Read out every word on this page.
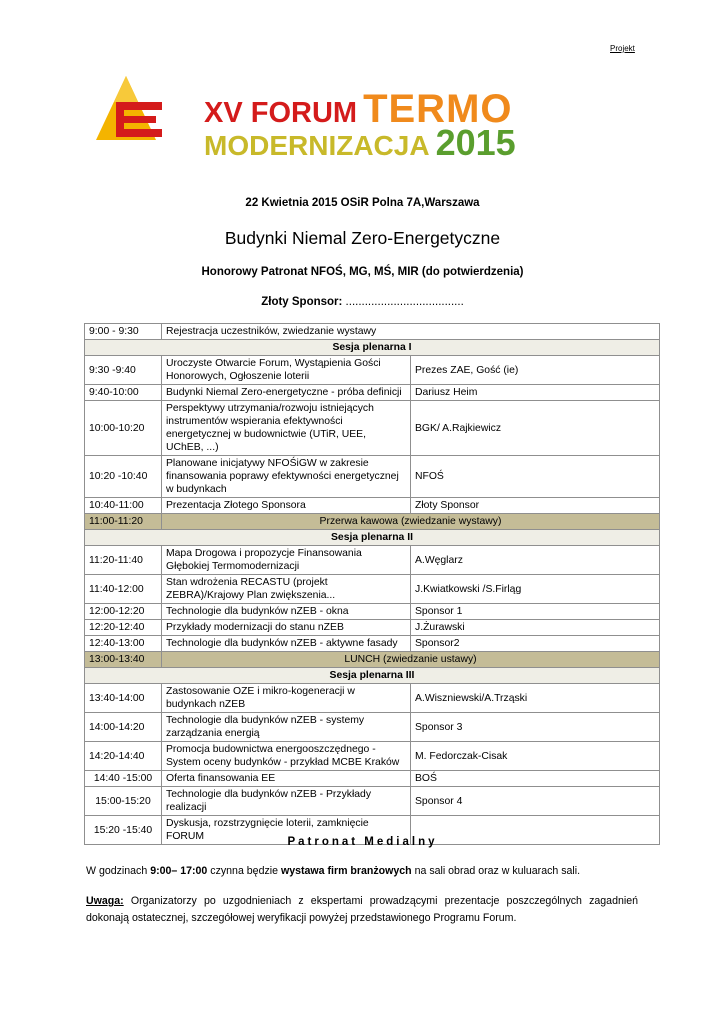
Projekt
XV FORUM TERMO
MODERNIZACJA 2015
22 Kwietnia 2015 OSiR Polna 7A,Warszawa
Budynki Niemal Zero-Energetyczne
Honorowy Patronat NFOŚ, MG, MŚ, MIR (do potwierdzenia)
Złoty Sponsor: .....................................
9:00 - 9:30	Rejestracja uczestników, zwiedzanie wystawy	
Sesja plenarna I		
9:30 -9:40	Uroczyste Otwarcie Forum, Wystąpienia Gości Honorowych, Ogłoszenie loterii	Prezes ZAE, Gość (ie)
9:40-10:00	Budynki Niemal Zero-energetyczne - próba definicji	Dariusz Heim
10:00-10:20	Perspektywy utrzymania/rozwoju istniejących instrumentów wspierania efektywności energetycznej w budownictwie (UTiR, UEE, UChEB, ...)	BGK/ A.Rajkiewicz
10:20 -10:40	Planowane inicjatywy NFOŚiGW w zakresie finansowania poprawy efektywności energetycznej w budynkach	NFOŚ
10:40-11:00	Prezentacja Złotego Sponsora	Złoty Sponsor
11:00-11:20	Przerwa kawowa (zwiedzanie wystawy)	
Sesja plenarna II		
11:20-11:40	Mapa Drogowa i propozycje Finansowania Głębokiej Termomodernizacji	A.Węglarz
11:40-12:00	Stan wdrożenia RECASTU (projekt ZEBRA)/Krajowy Plan zwiększenia...	J.Kwiatkowski /S.Firląg
12:00-12:20	Technologie dla budynków nZEB - okna	Sponsor 1
12:20-12:40	Przykłady modernizacji do stanu nZEB	J.Żurawski
12:40-13:00	Technologie dla budynków nZEB - aktywne fasady	Sponsor2
13:00-13:40	LUNCH (zwiedzanie ustawy)	
Sesja plenarna III		
13:40-14:00	Zastosowanie OZE i mikro-kogeneracji w budynkach nZEB	A.Wiszniewski/A.Trząski
14:00-14:20	Technologie dla budynków nZEB - systemy zarządzania energią	Sponsor 3
14:20-14:40	Promocja budownictwa energooszczędnego -System oceny budynków - przykład MCBE Kraków	M. Fedorczak-Cisak
14:40 -15:00	Oferta finansowania EE	BOŚ
15:00-15:20	Technologie dla budynków nZEB - Przykłady realizacji	Sponsor 4
15:20 -15:40	Dyskusja, rozstrzygnięcie loterii, zamknięcie FORUM		Patronat Medialny
W godzinach 9:00– 17:00 czynna będzie wystawa firm branżowych na sali obrad oraz w kuluarach sali.
Uwaga: Organizatorzy po uzgodnieniach z ekspertami prowadzącymi prezentacje poszczególnych zagadnień dokonają ostatecznej, szczegółowej weryfikacji powyżej przedstawionego Programu Forum.
